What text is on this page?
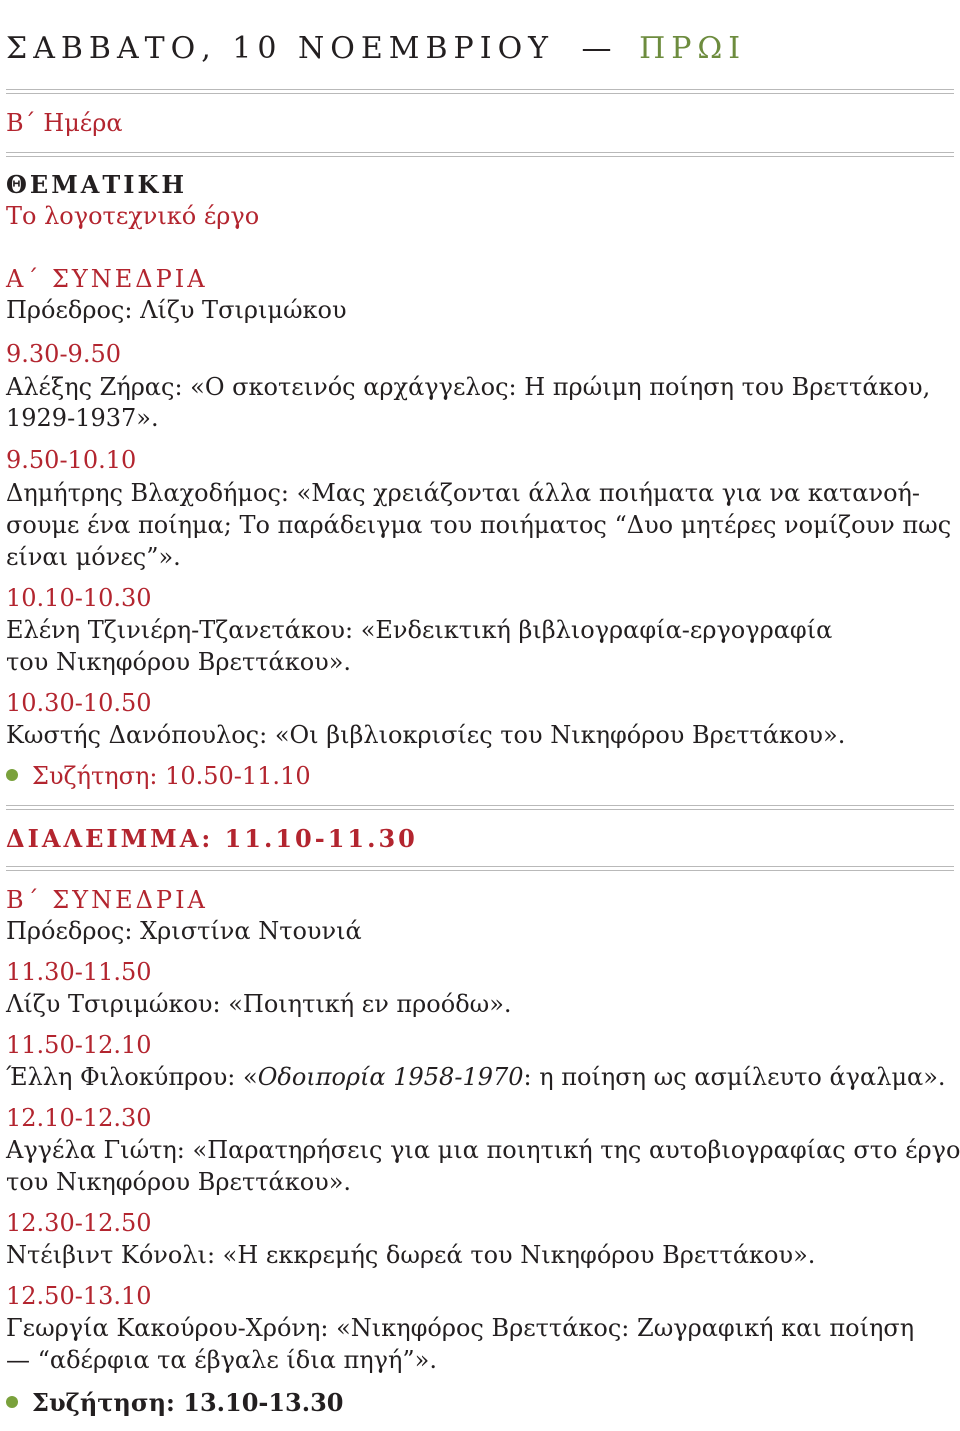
ΣΑΒΒΑΤΟ, 10 ΝΟΕΜΒΡΙΟΥ — ΠΡΩΙ
Β΄ Ημέρα
ΘΕΜΑΤΙΚΗ
Το λογοτεχνικό έργο
Α΄ ΣΥΝΕΔΡΙΑ
Πρόεδρος: Λίζυ Τσιριμώκου
9.30-9.50
Αλέξης Ζήρας: «Ο σκοτεινός αρχάγγελος: Η πρώιμη ποίηση του Βρεττάκου,
1929-1937».
9.50-10.10
Δημήτρης Βλαχοδήμος: «Μας χρειάζονται άλλα ποιήματα για να κατανοή-
σουμε ένα ποίημα; Το παράδειγμα του ποιήματος “Δυο μητέρες νομίζουν πως
είναι μόνες”».
10.10-10.30
Ελένη Τζινιέρη-Τζανετάκου: «Ενδεικτική βιβλιογραφία-εργογραφία
του Νικηφόρου Βρεττάκου».
10.30-10.50
Κωστής Δανόπουλος: «Οι βιβλιοκρισίες του Νικηφόρου Βρεττάκου».
Συζήτηση: 10.50-11.10
ΔΙΑΛΕΙΜΜΑ: 11.10-11.30
Β΄ ΣΥΝΕΔΡΙΑ
Πρόεδρος: Χριστίνα Ντουνιά
11.30-11.50
Λίζυ Τσιριμώκου: «Ποιητική εν προόδω».
11.50-12.10
Έλλη Φιλοκύπρου: «Οδοιπορία 1958-1970: η ποίηση ως ασμίλευτο άγαλμα».
12.10-12.30
Αγγέλα Γιώτη: «Παρατηρήσεις για μια ποιητική της αυτοβιογραφίας στο έργο
του Νικηφόρου Βρεττάκου».
12.30-12.50
Ντέιβιντ Κόνολι: «Η εκκρεμής δωρεά του Νικηφόρου Βρεττάκου».
12.50-13.10
Γεωργία Κακούρου-Χρόνη: «Νικηφόρος Βρεττάκος: Ζωγραφική και ποίηση
— “αδέρφια τα έβγαλε ίδια πηγή”».
Συζήτηση: 13.10-13.30
